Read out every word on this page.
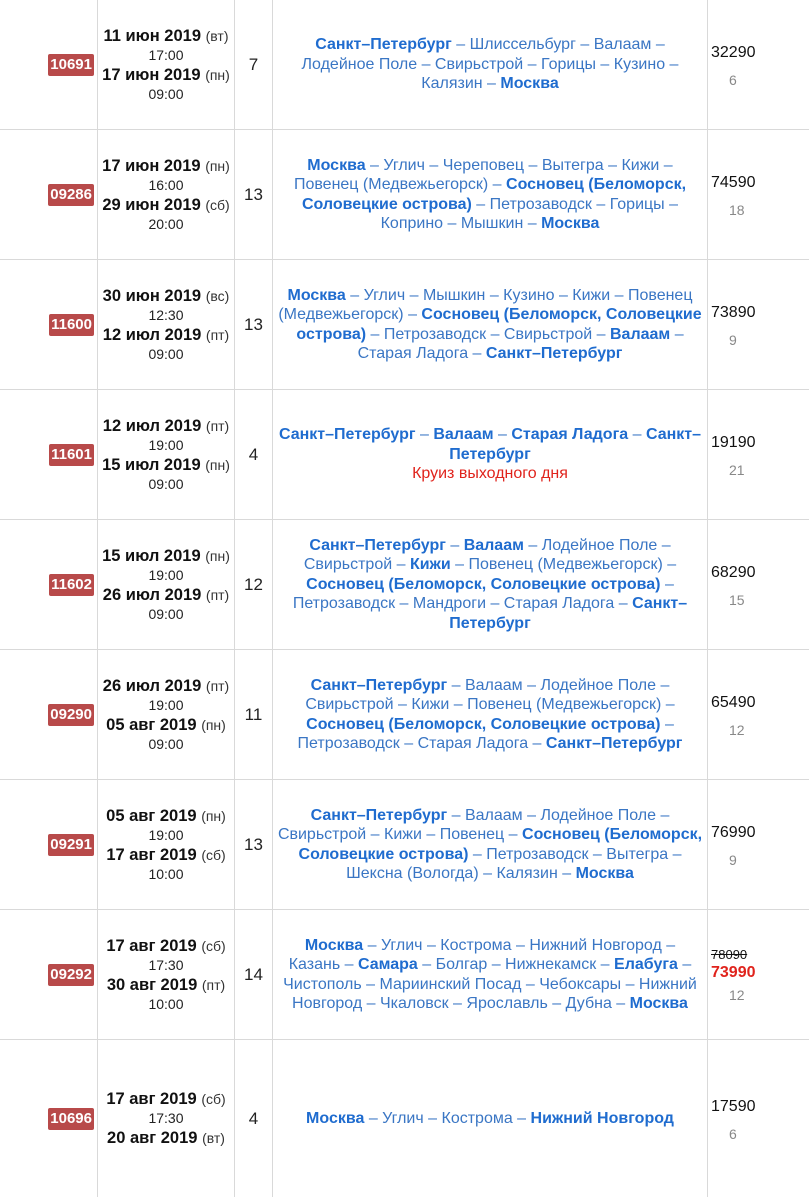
10691
11 июн 2019 (вт)
17:00
17 июн 2019 (пн)
09:00
7
Санкт–Петербург – Шлиссельбург – Валаам – Лодейное Поле – Свирьстрой – Горицы – Кузино – Калязин – Москва
32290
6
09286
17 июн 2019 (пн)
16:00
29 июн 2019 (сб)
20:00
13
Москва – Углич – Череповец – Вытегра – Кижи – Повенец (Медвежьегорск) – Сосновец (Беломорск, Соловецкие острова) – Петрозаводск – Горицы – Коприно – Мышкин – Москва
74590
18
11600
30 июн 2019 (вс)
12:30
12 июл 2019 (пт)
09:00
13
Москва – Углич – Мышкин – Кузино – Кижи – Повенец (Медвежьегорск) – Сосновец (Беломорск, Соловецкие острова) – Петрозаводск – Свирьстрой – Валаам – Старая Ладога – Санкт–Петербург
73890
9
11601
12 июл 2019 (пт)
19:00
15 июл 2019 (пн)
09:00
4
Санкт–Петербург – Валаам – Старая Ладога – Санкт–Петербург
Круиз выходного дня
19190
21
11602
15 июл 2019 (пн)
19:00
26 июл 2019 (пт)
09:00
12
Санкт–Петербург – Валаам – Лодейное Поле – Свирьстрой – Кижи – Повенец (Медвежьегорск) – Сосновец (Беломорск, Соловецкие острова) – Петрозаводск – Мандроги – Старая Ладога – Санкт–Петербург
68290
15
09290
26 июл 2019 (пт)
19:00
05 авг 2019 (пн)
09:00
11
Санкт–Петербург – Валаам – Лодейное Поле – Свирьстрой – Кижи – Повенец (Медвежьегорск) – Сосновец (Беломорск, Соловецкие острова) – Петрозаводск – Старая Ладога – Санкт–Петербург
65490
12
09291
05 авг 2019 (пн)
19:00
17 авг 2019 (сб)
10:00
13
Санкт–Петербург – Валаам – Лодейное Поле – Свирьстрой – Кижи – Повенец – Сосновец (Беломорск, Соловецкие острова) – Петрозаводск – Вытегра – Шексна (Вологда) – Калязин – Москва
76990
9
09292
17 авг 2019 (сб)
17:30
30 авг 2019 (пт)
10:00
14
Москва – Углич – Кострома – Нижний Новгород – Казань – Самара – Болгар – Нижнекамск – Елабуга – Чистополь – Мариинский Посад – Чебоксары – Нижний Новгород – Чкаловск – Ярославль – Дубна – Москва
78090
73990
12
10696
17 авг 2019 (сб)
17:30
20 авг 2019 (вт)
4	Москва – Углич – Кострома – Нижний Новгород
17590
6
